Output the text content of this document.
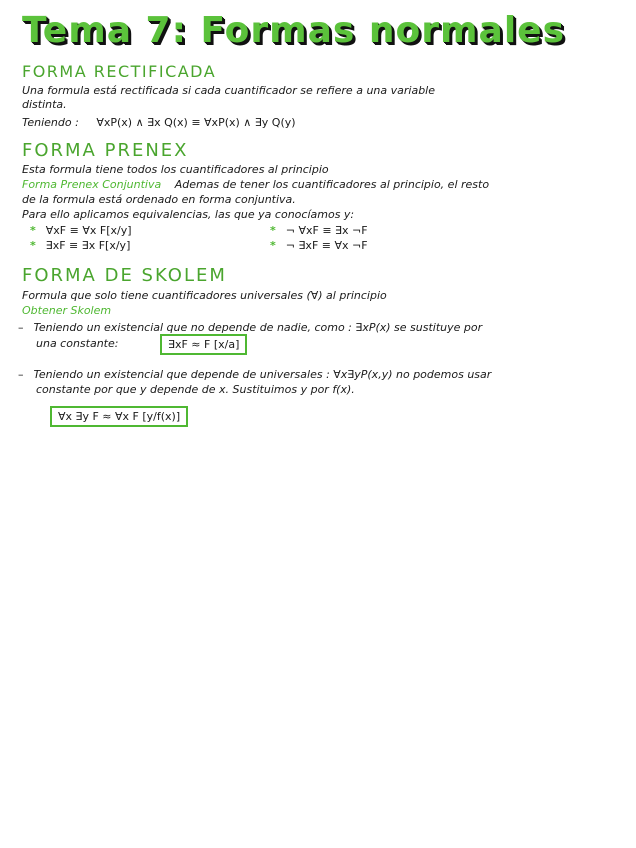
Tema 7: Formas normales
FORMA RECTIFICADA
Una formula está rectificada si cada cuantificador se refiere a una variable
distinta.
Teniendo : ∀xP(x) ∧ ∃x Q(x) ≡ ∀xP(x) ∧ ∃y Q(y)
FORMA PRENEX
Esta formula tiene todos los cuantificadores al principio
Forma Prenex Conjuntiva Ademas de tener los cuantificadores al principio, el resto
de la formula está ordenado en forma conjuntiva.
Para ello aplicamos equivalencias, las que ya conocíamos y:
* ∀xF ≡ ∀x F[x/y]
* ∃xF ≡ ∃x F[x/y]
* ¬ ∀xF ≡ ∃x ¬F
* ¬ ∃xF ≡ ∀x ¬F
FORMA DE SKOLEM
Formula que solo tiene cuantificadores universales (∀) al principio
Obtener Skolem
– Teniendo un existencial que no depende de nadie, como : ∃xP(x) se sustituye por
una constante:	∃xF ≈ F [x/a]
– Teniendo un existencial que depende de universales : ∀x∃yP(x,y) no podemos usar
constante por que y depende de x. Sustituimos y por f(x).
∀x ∃y F ≈ ∀x F [y/f(x)]
